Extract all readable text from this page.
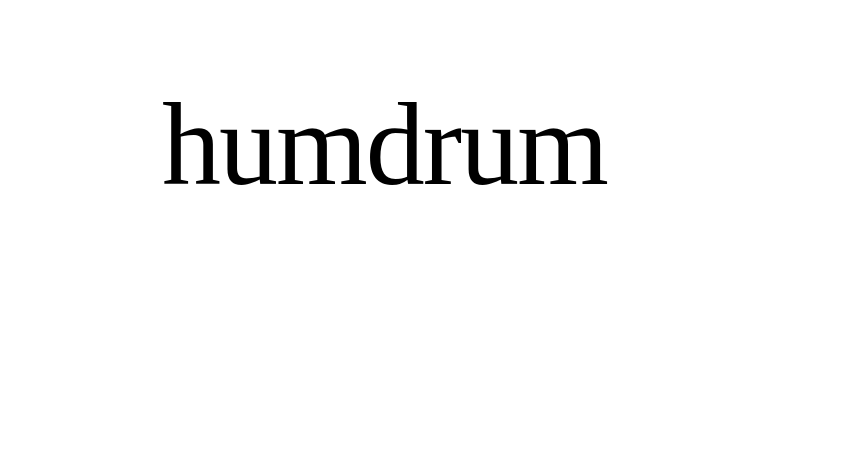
humdrum
